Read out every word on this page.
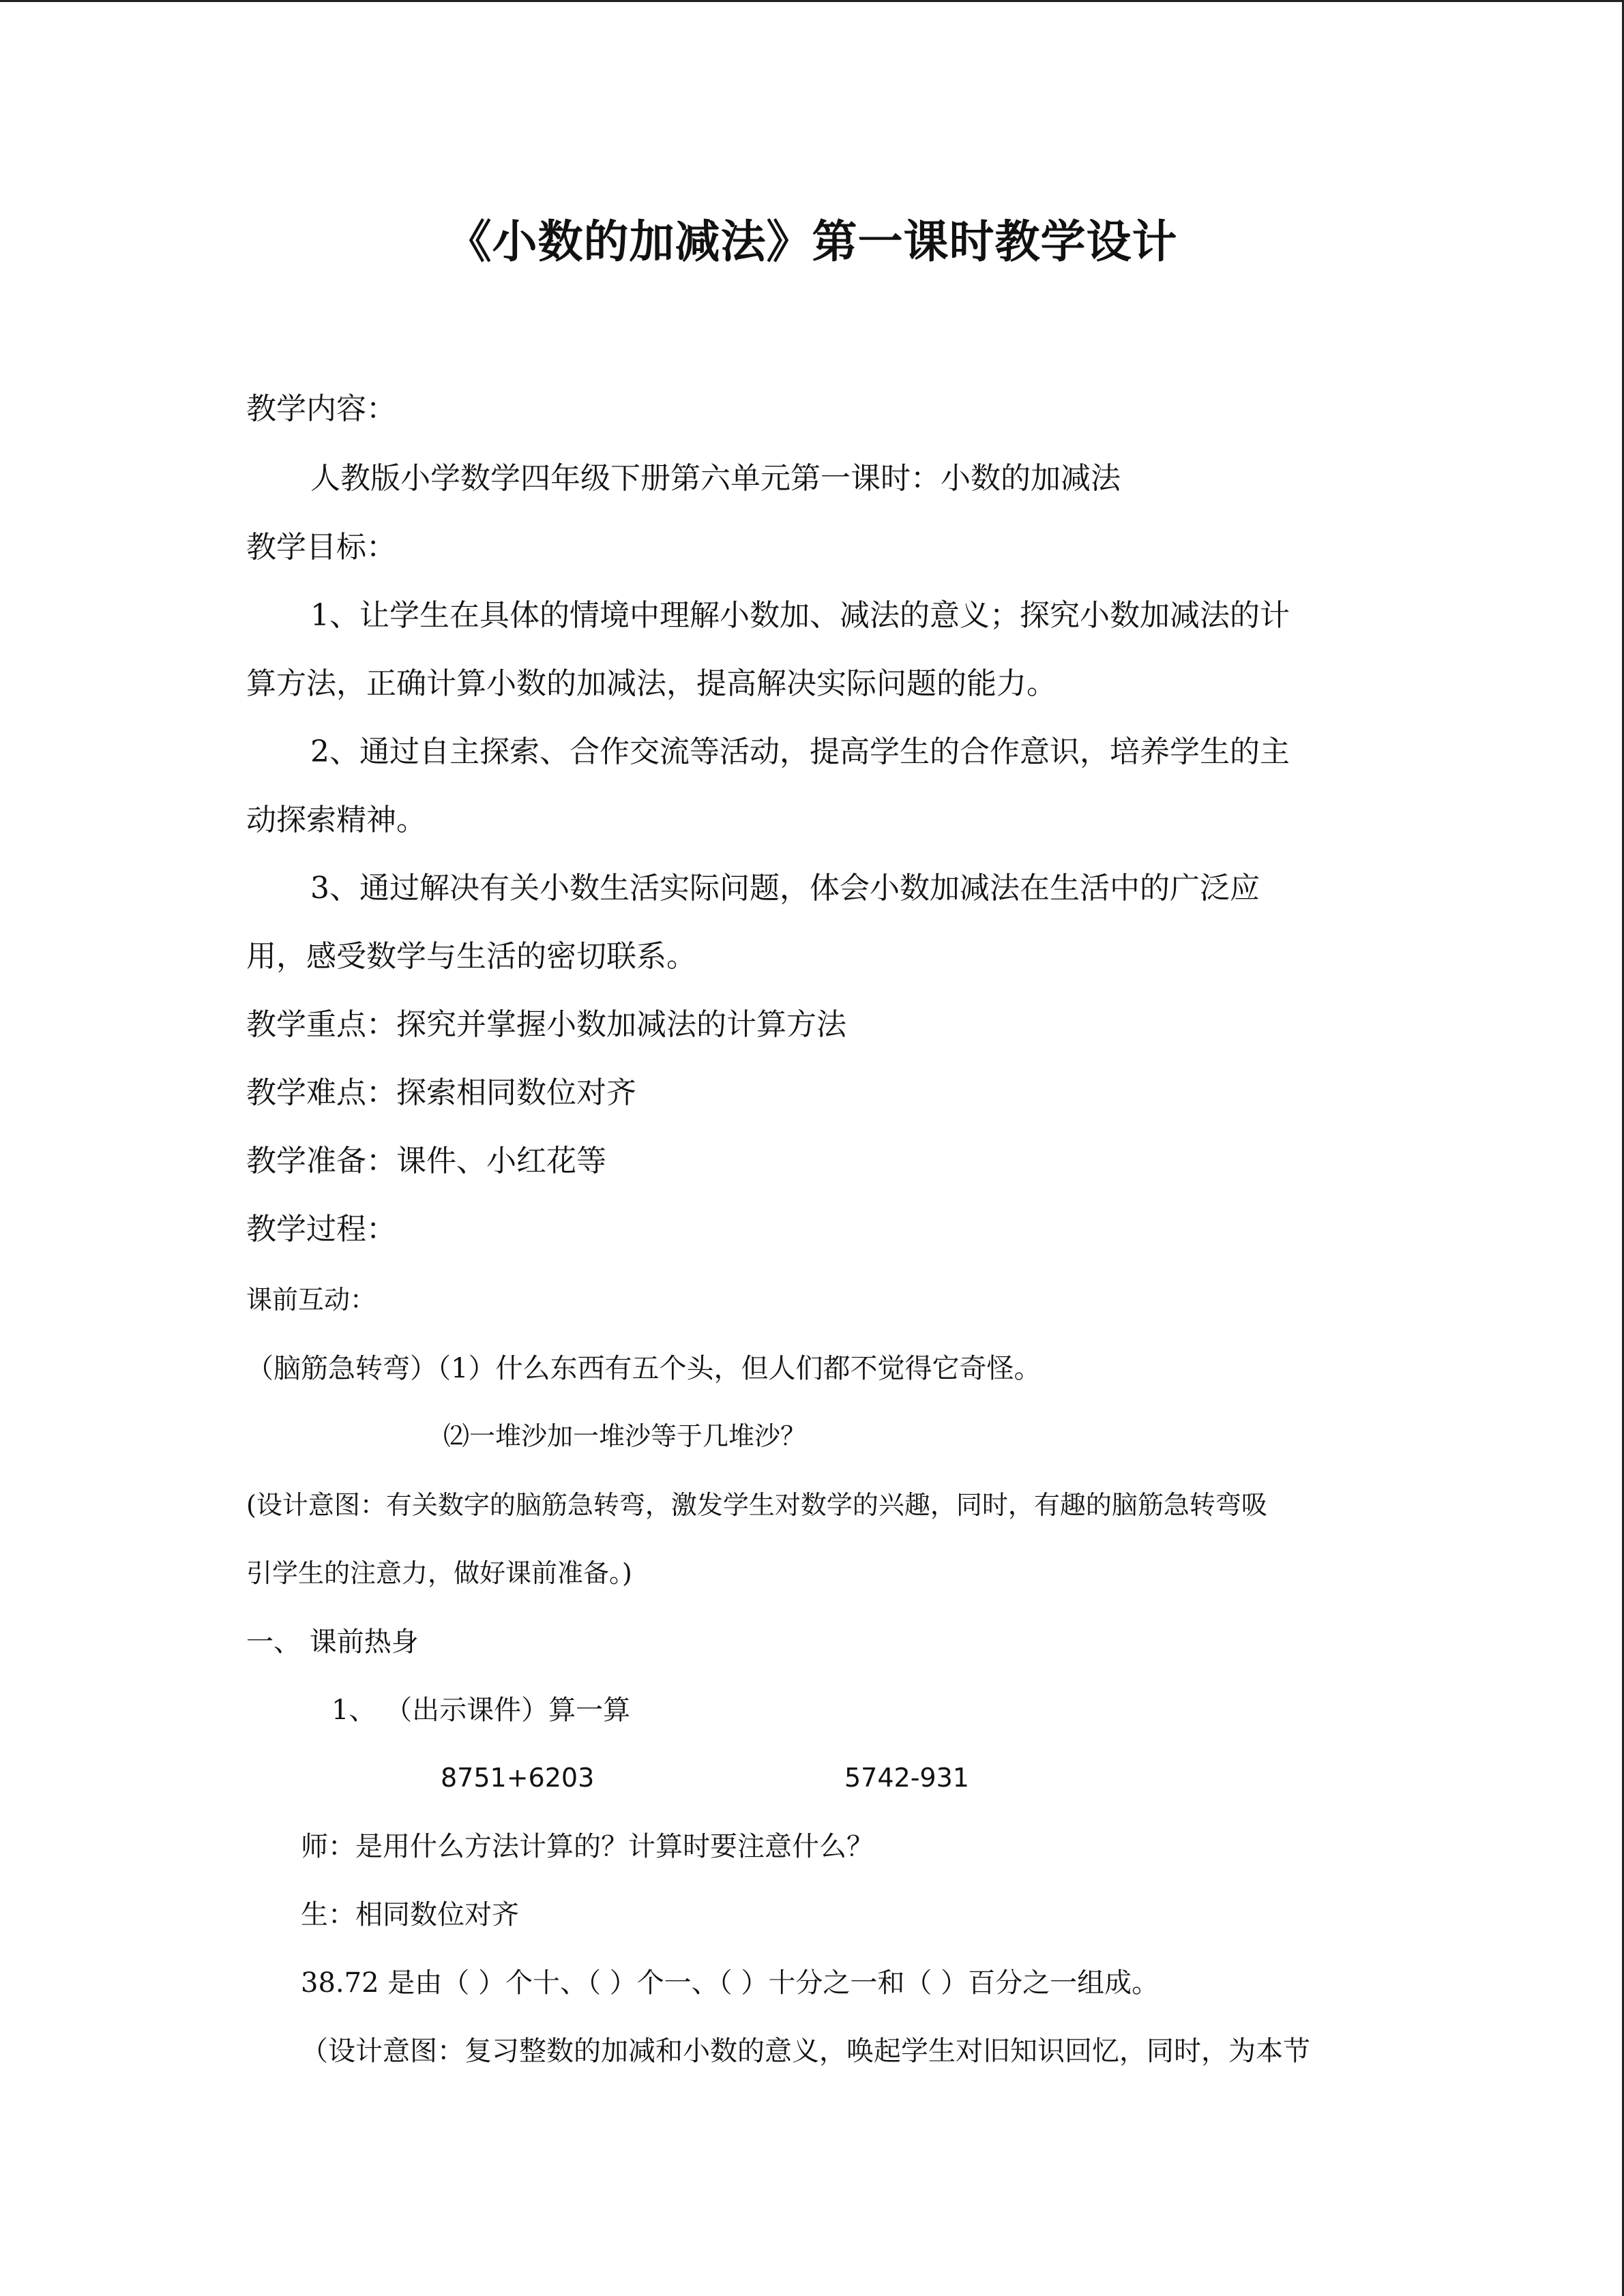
《小数的加减法》第一课时教学设计
教学内容：
人教版小学数学四年级下册第六单元第一课时：小数的加减法
教学目标：
1、让学生在具体的情境中理解小数加、减法的意义；探究小数加减法的计
算方法，正确计算小数的加减法，提高解决实际问题的能力。
2、通过自主探索、合作交流等活动，提高学生的合作意识，培养学生的主
动探索精神。
3、通过解决有关小数生活实际问题，体会小数加减法在生活中的广泛应
用，感受数学与生活的密切联系。
教学重点：探究并掌握小数加减法的计算方法
教学难点：探索相同数位对齐
教学准备：课件、小红花等
教学过程：
课前互动：
（脑筋急转弯）（1）什么东西有五个头，但人们都不觉得它奇怪。
⑵一堆沙加一堆沙等于几堆沙？
(设计意图：有关数字的脑筋急转弯，激发学生对数学的兴趣，同时，有趣的脑筋急转弯吸
引学生的注意力，做好课前准备。)
一、 课前热身
1、 （出示课件）算一算
8751+6203	5742-931
师：是用什么方法计算的？计算时要注意什么？
生：相同数位对齐
38.72 是由（ ）个十、（ ）个一、（ ）十分之一和（ ）百分之一组成。
（设计意图：复习整数的加减和小数的意义，唤起学生对旧知识回忆，同时，为本节
